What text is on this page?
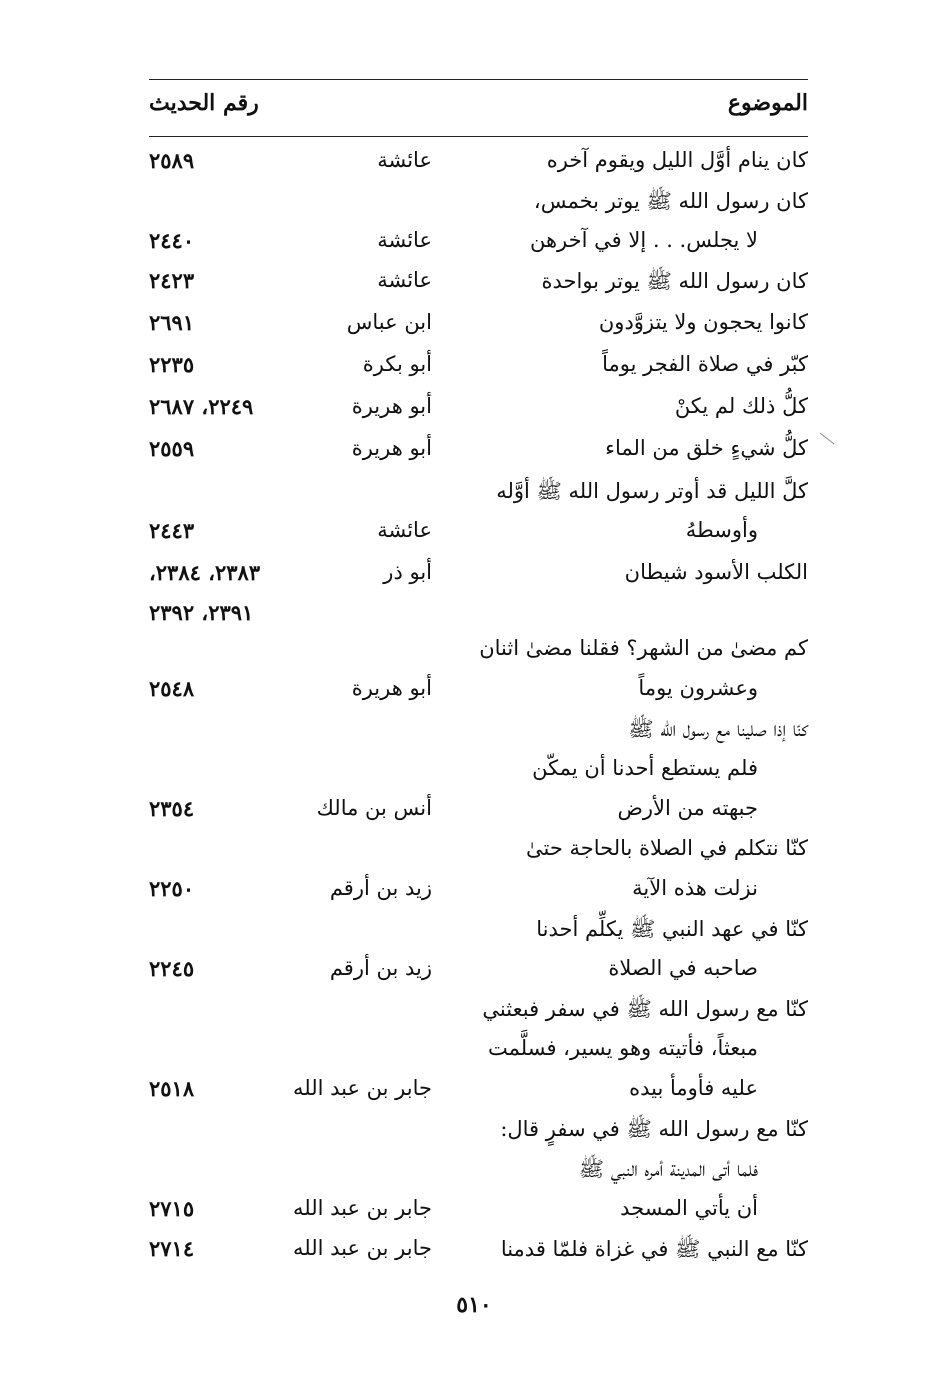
الموضوع
رقم الحديث
كان ينام أوَّل الليل ويقوم آخره
عائشة
٢٥٨٩
كان رسول الله ﷺ يوتر بخمس،
لا يجلس. . . إلا في آخرهن
عائشة
٢٤٤٠
كان رسول الله ﷺ يوتر بواحدة
عائشة
٢٤٢٣
كانوا يحجون ولا يتزوَّدون
ابن عباس
٢٦٩١
كبّر في صلاة الفجر يوماً
أبو بكرة
٢٢٣٥
كلُّ ذلك لم يكنْ
أبو هريرة
٢٢٤٩، ٢٦٨٧
كلُّ شيءٍ خلق من الماء
أبو هريرة
٢٥٥٩
كلَّ الليل قد أوتر رسول الله ﷺ أوَّله
وأوسطهُ
عائشة
٢٤٤٣
الكلب الأسود شيطان
أبو ذر
٢٣٨٣، ٢٣٨٤،
٢٣٩١، ٢٣٩٢
كم مضىٰ من الشهر؟ فقلنا مضىٰ اثنان
وعشرون يوماً
أبو هريرة
٢٥٤٨
كنّا إذا صلينا مع رسول الله ﷺ
فلم يستطع أحدنا أن يمكّن
جبهته من الأرض
أنس بن مالك
٢٣٥٤
كنّا نتكلم في الصلاة بالحاجة حتىٰ
نزلت هذه الآية
زيد بن أرقم
٢٢٥٠
كنّا في عهد النبي ﷺ يكلِّم أحدنا
صاحبه في الصلاة
زيد بن أرقم
٢٢٤٥
كنّا مع رسول الله ﷺ في سفر فبعثني
مبعثاً، فأتيته وهو يسير، فسلَّمت
عليه فأومأ بيده
جابر بن عبد الله
٢٥١٨
كنّا مع رسول الله ﷺ في سفرٍ قال:
فلما أتى المدينة أمره النبي ﷺ
أن يأتي المسجد
جابر بن عبد الله
٢٧١٥
كنّا مع النبي ﷺ في غزاة فلمّا قدمنا
جابر بن عبد الله
٢٧١٤
٥١٠
